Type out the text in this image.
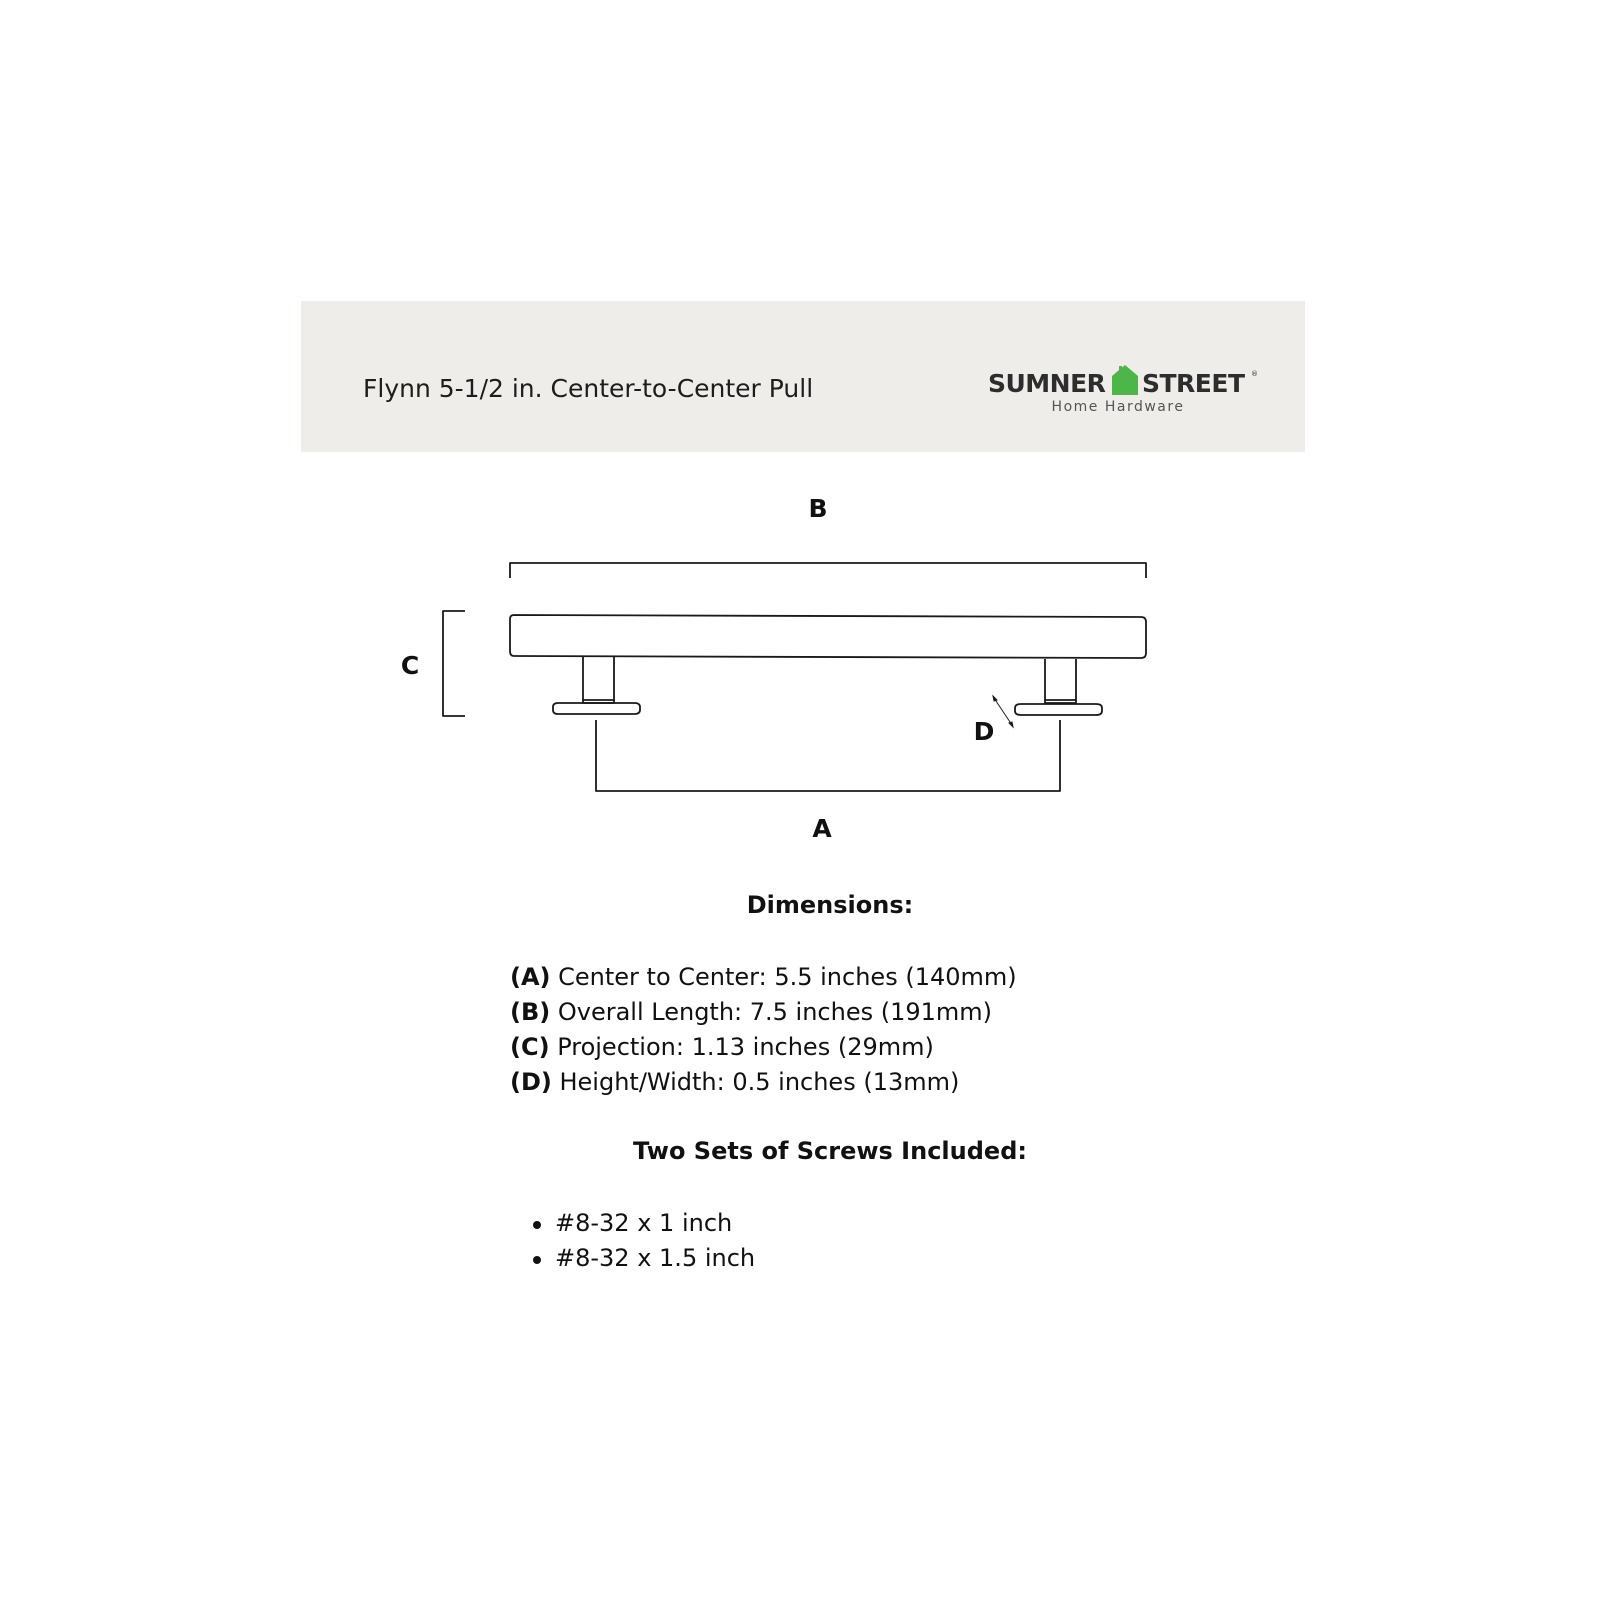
Flynn 5-1/2 in. Center-to-Center Pull	SUMNER STREET ®
Home Hardware
B
C
D
A
Dimensions:
(A) Center to Center: 5.5 inches (140mm)
(B) Overall Length: 7.5 inches (191mm)
(C) Projection: 1.13 inches (29mm)
(D) Height/Width: 0.5 inches (13mm)
Two Sets of Screws Included:
#8-32 x 1 inch
#8-32 x 1.5 inch
